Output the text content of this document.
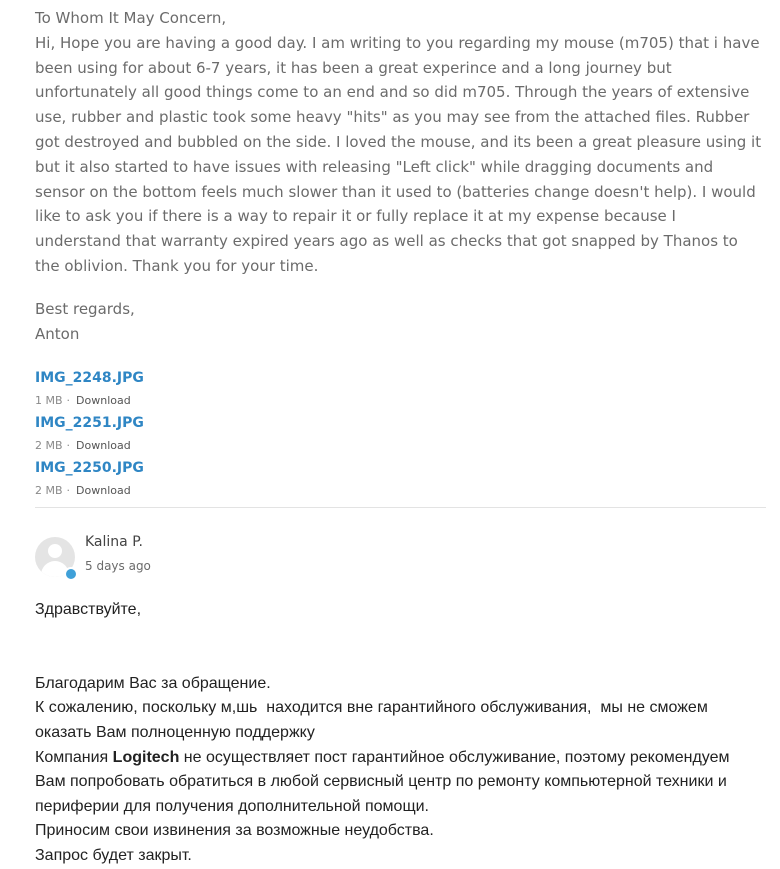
To Whom It May Concern,

Hi, Hope you are having a good day. I am writing to you regarding my mouse (m705) that i have been using for about 6-7 years, it has been a great experince and a long journey but unfortunately all good things come to an end and so did m705. Through the years of extensive use, rubber and plastic took some heavy "hits" as you may see from the attached files. Rubber got destroyed and bubbled on the side. I loved the mouse, and its been a great pleasure using it but it also started to have issues with releasing "Left click" while dragging documents and sensor on the bottom feels much slower than it used to (batteries change doesn't help). I would like to ask you if there is a way to repair it or fully replace it at my expense because I understand that warranty expired years ago as well as checks that got snapped by Thanos to the oblivion. Thank you for your time.

Best regards,

Anton

IMG_2248.JPG
1 MB · Download
IMG_2251.JPG
2 MB · Download
IMG_2250.JPG
2 MB · Download
Kalina P.
5 days ago

Здравствуйте,

Благодарим Вас за обращение.

К сожалению, поскольку м,шь  находится вне гарантийного обслуживания,  мы не сможем

оказать Вам полноценную поддержку

Компания Logitech не осуществляет пост гарантийное обслуживание, поэтому рекомендуем

Вам попробовать обратиться в любой сервисный центр по ремонту компьютерной техники и

периферии для получения дополнительной помощи.

Приносим свои извинения за возможные неудобства.

Запрос будет закрыт.
